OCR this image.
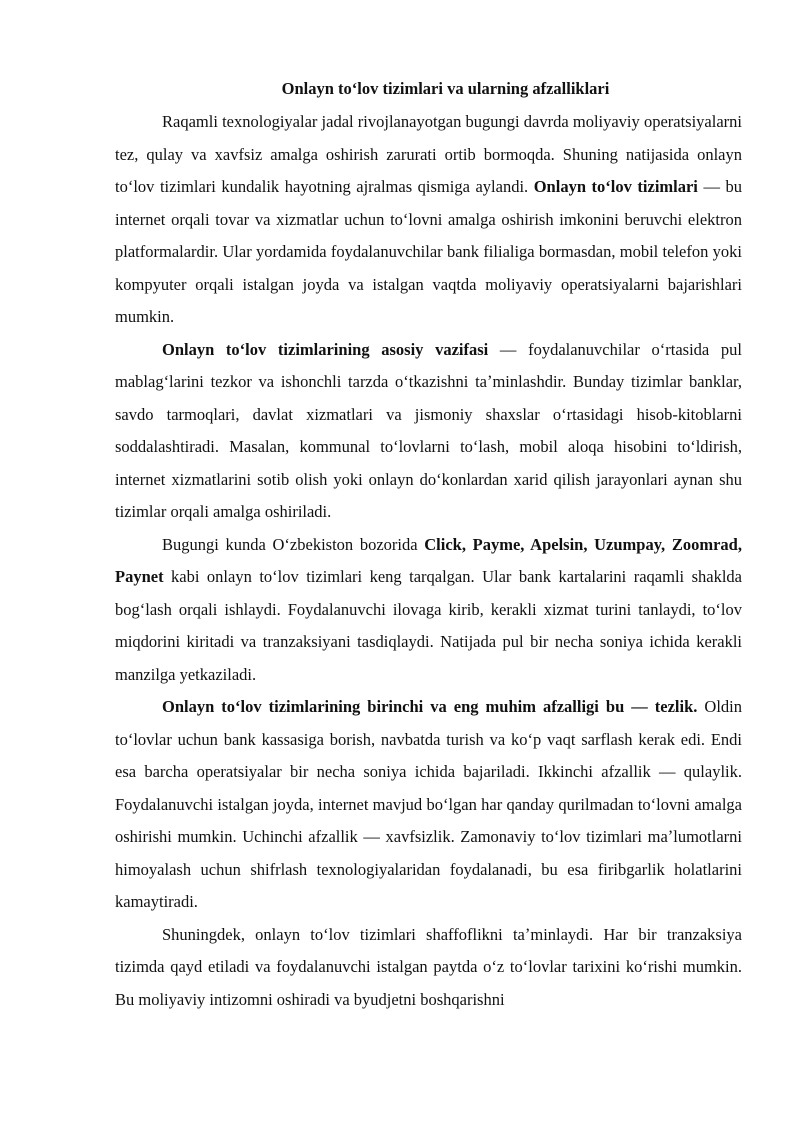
Onlayn toʻlov tizimlari va ularning afzalliklari

Raqamli texnologiyalar jadal rivojlanayotgan bugungi davrda moliyaviy operatsiyalarni tez, qulay va xavfsiz amalga oshirish zarurati ortib bormoqda. Shuning natijasida onlayn toʻlov tizimlari kundalik hayotning ajralmas qismiga aylandi. Onlayn toʻlov tizimlari — bu internet orqali tovar va xizmatlar uchun toʻlovni amalga oshirish imkonini beruvchi elektron platformalardir. Ular yordamida foydalanuvchilar bank filialiga bormasdan, mobil telefon yoki kompyuter orqali istalgan joyda va istalgan vaqtda moliyaviy operatsiyalarni bajarishlari mumkin.

Onlayn toʻlov tizimlarining asosiy vazifasi — foydalanuvchilar oʻrtasida pul mablagʻlarini tezkor va ishonchli tarzda oʻtkazishni taʼminlashdir. Bunday tizimlar banklar, savdo tarmoqlari, davlat xizmatlari va jismoniy shaxslar oʻrtasidagi hisob-kitoblarni soddalashtiradi. Masalan, kommunal toʻlovlarni toʻlash, mobil aloqa hisobini toʻldirish, internet xizmatlarini sotib olish yoki onlayn doʻkonlardan xarid qilish jarayonlari aynan shu tizimlar orqali amalga oshiriladi.

Bugungi kunda Oʻzbekiston bozorida Click, Payme, Apelsin, Uzumpay, Zoomrad, Paynet kabi onlayn toʻlov tizimlari keng tarqalgan. Ular bank kartalarini raqamli shaklda bogʻlash orqali ishlaydi. Foydalanuvchi ilovaga kirib, kerakli xizmat turini tanlaydi, toʻlov miqdorini kiritadi va tranzaksiyani tasdiqlaydi. Natijada pul bir necha soniya ichida kerakli manzilga yetkaziladi.

Onlayn toʻlov tizimlarining birinchi va eng muhim afzalligi bu — tezlik. Oldin toʻlovlar uchun bank kassasiga borish, navbatda turish va koʻp vaqt sarflash kerak edi. Endi esa barcha operatsiyalar bir necha soniya ichida bajariladi. Ikkinchi afzallik — qulaylik. Foydalanuvchi istalgan joyda, internet mavjud boʻlgan har qanday qurilmadan toʻlovni amalga oshirishi mumkin. Uchinchi afzallik — xavfsizlik. Zamonaviy toʻlov tizimlari maʼlumotlarni himoyalash uchun shifrlash texnologiyalaridan foydalanadi, bu esa firibgarlik holatlarini kamaytiradi.

Shuningdek, onlayn toʻlov tizimlari shaffoflikni taʼminlaydi. Har bir tranzaksiya tizimda qayd etiladi va foydalanuvchi istalgan paytda oʻz toʻlovlar tarixini koʻrishi mumkin. Bu moliyaviy intizomni oshiradi va byudjetni boshqarishni
